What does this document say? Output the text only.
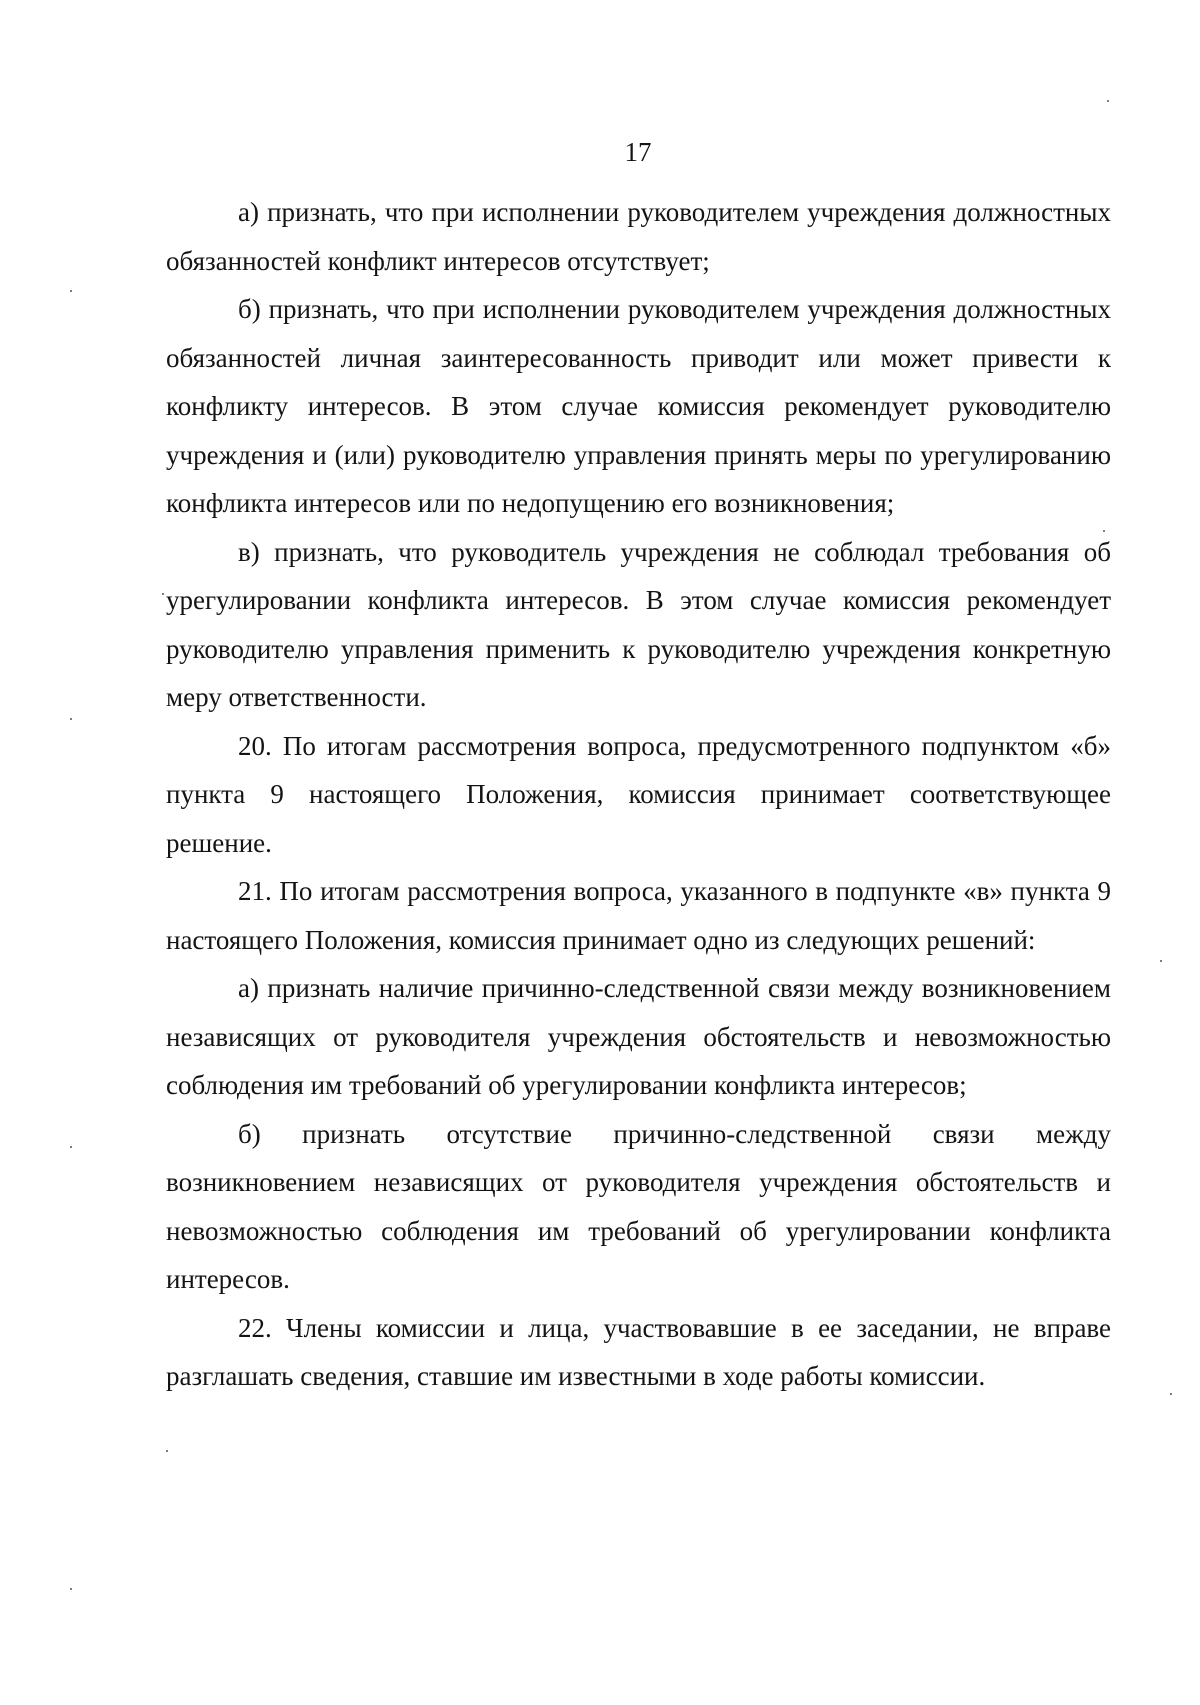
17

а) признать, что при исполнении руководителем учреждения должностных обязанностей конфликт интересов отсутствует;

б) признать, что при исполнении руководителем учреждения должностных обязанностей личная заинтересованность приводит или может привести к конфликту интересов. В этом случае комиссия рекомендует руководителю учреждения и (или) руководителю управления принять меры по урегулированию конфликта интересов или по недопущению его возникновения;

в) признать, что руководитель учреждения не соблюдал требования об урегулировании конфликта интересов. В этом случае комиссия рекомендует руководителю управления применить к руководителю учреждения конкретную меру ответственности.

20. По итогам рассмотрения вопроса, предусмотренного подпунктом «б» пункта 9 настоящего Положения, комиссия принимает соответствующее решение.

21. По итогам рассмотрения вопроса, указанного в подпункте «в» пункта 9 настоящего Положения, комиссия принимает одно из следующих решений:

а) признать наличие причинно-следственной связи между возникновением независящих от руководителя учреждения обстоятельств и невозможностью соблюдения им требований об урегулировании конфликта интересов;

б) признать отсутствие причинно-следственной связи между возникновением независящих от руководителя учреждения обстоятельств и невозможностью соблюдения им требований об урегулировании конфликта интересов.

22. Члены комиссии и лица, участвовавшие в ее заседании, не вправе разглашать сведения, ставшие им известными в ходе работы комиссии.
